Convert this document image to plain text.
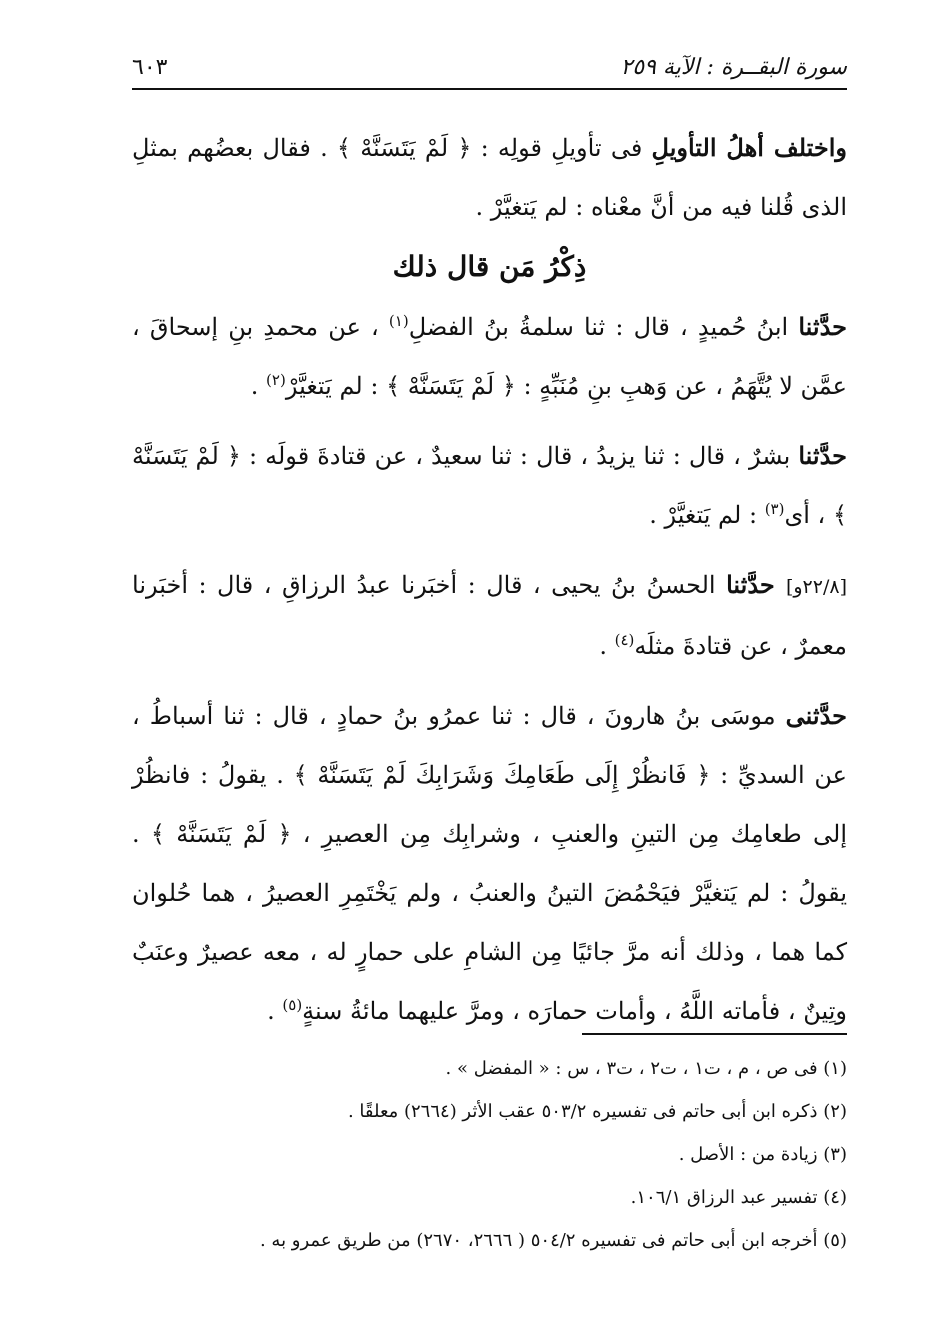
سورة البقــرة : الآية ٢٥٩
٦٠٣

واختلف أهلُ التأويلِ فى تأويلِ قولِه : ﴿ لَمْ يَتَسَنَّهْ ﴾ . فقال بعضُهم بمثلِ الذى قُلنا فيه من أنَّ معْناه : لم يَتغيَّرْ .

ذِكْرُ مَن قال ذلك

حدَّثنا ابنُ حُميدٍ ، قال : ثنا سلمةُ بنُ الفضلِ$^{(١)}$ ، عن محمدِ بنِ إسحاقَ ، عمَّن لا يُتَّهَمُ ، عن وَهبِ بنِ مُنَبِّهٍ : ﴿ لَمْ يَتَسَنَّهْ ﴾ : لم يَتغيَّرْ$^{(٢)}$ .

حدَّثنا بشرٌ ، قال : ثنا يزيدُ ، قال : ثنا سعيدٌ ، عن قتادةَ قولَه : ﴿ لَمْ يَتَسَنَّهْ ﴾ ، أى$^{(٣)}$ : لم يَتغيَّرْ .

[٢٢/٨و] حدَّثنا الحسنُ بنُ يحيى ، قال : أخبَرنا عبدُ الرزاقِ ، قال : أخبَرنا معمرٌ ، عن قتادةَ مثلَه$^{(٤)}$ .

حدَّثنى موسَى بنُ هارونَ ، قال : ثنا عمرُو بنُ حمادٍ ، قال : ثنا أسباطُ ، عن السديِّ : ﴿ فَانظُرْ إِلَى طَعَامِكَ وَشَرَابِكَ لَمْ يَتَسَنَّهْ ﴾ . يقولُ : فانظُرْ إلى طعامِك مِن التينِ والعنبِ ، وشرابِك مِن العصيرِ ، ﴿ لَمْ يَتَسَنَّهْ ﴾ . يقولُ : لم يَتغيَّرْ فيَحْمُضَ التينُ والعنبُ ، ولم يَخْتَمِرِ العصيرُ ، هما حُلوان كما هما ، وذلك أنه مرَّ جائيًا مِن الشامِ على حمارٍ له ، معه عصيرٌ وعنَبٌ وتِينٌ ، فأماته اللَّهُ ، وأمات حمارَه ، ومرَّ عليهما مائةُ سنةٍ$^{(٥)}$ .

(١) فى ص ، م ، ت١ ، ت٢ ، ت٣ ، س : « المفضل » .

(٢) ذكره ابن أبى حاتم فى تفسيره ٥٠٣/٢ عقب الأثر (٢٦٦٤) معلقًا .

(٣) زيادة من : الأصل .

(٤) تفسير عبد الرزاق ١٠٦/١.

(٥) أخرجه ابن أبى حاتم فى تفسيره ٥٠٤/٢ ( ٢٦٦٦، ٢٦٧٠) من طريق عمرو به .
